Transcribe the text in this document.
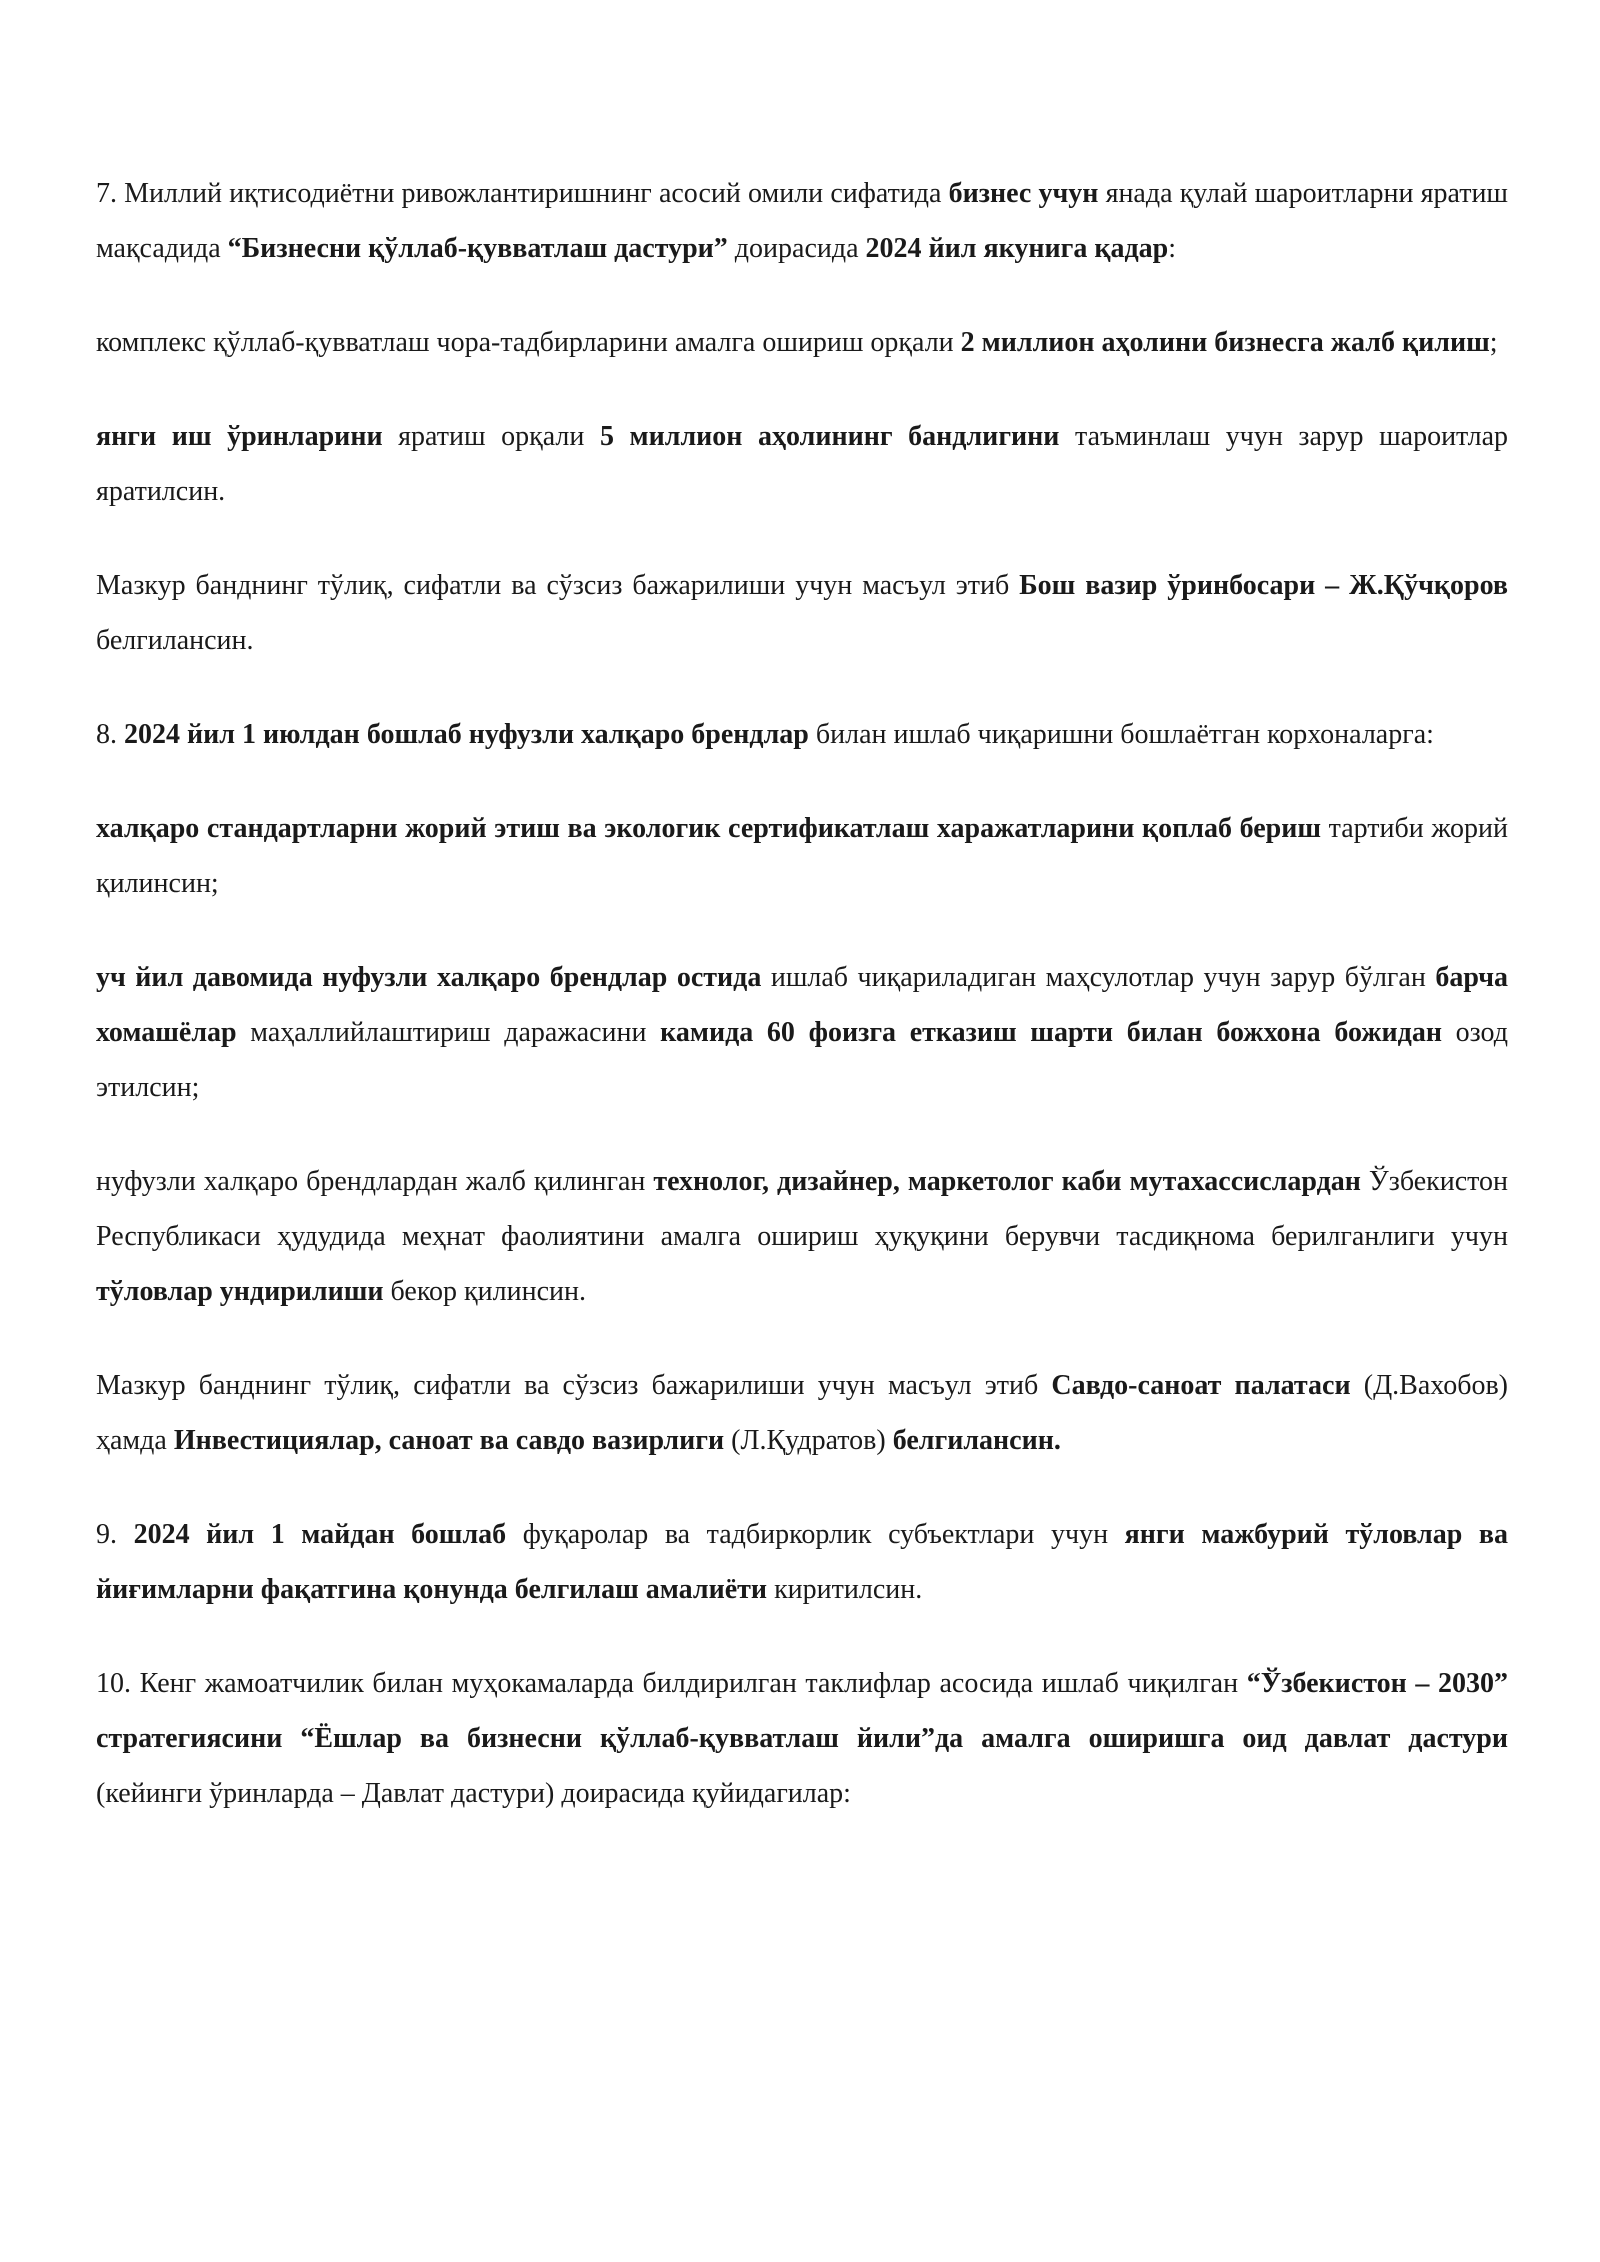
7. Миллий иқтисодиётни ривожлантиришнинг асосий омили сифатида бизнес учун янада қулай шароитларни яратиш мақсадида “Бизнесни қўллаб-қувватлаш дастури” доирасида 2024 йил якунига қадар:

комплекс қўллаб-қувватлаш чора-тадбирларини амалга ошириш орқали 2 миллион аҳолини бизнесга жалб қилиш;

янги иш ўринларини яратиш орқали 5 миллион аҳолининг бандлигини таъминлаш учун зарур шароитлар яратилсин.

Мазкур банднинг тўлиқ, сифатли ва сўзсиз бажарилиши учун масъул этиб Бош вазир ўринбосари – Ж.Қўчқоров белгилансин.

8. 2024 йил 1 июлдан бошлаб нуфузли халқаро брендлар билан ишлаб чиқаришни бошлаётган корхоналарга:

халқаро стандартларни жорий этиш ва экологик сертификатлаш харажатларини қоплаб бериш тартиби жорий қилинсин;

уч йил давомида нуфузли халқаро брендлар остида ишлаб чиқариладиган маҳсулотлар учун зарур бўлган барча хомашёлар маҳаллийлаштириш даражасини камида 60 фоизга етказиш шарти билан божхона божидан озод этилсин;

нуфузли халқаро брендлардан жалб қилинган технолог, дизайнер, маркетолог каби мутахассислардан Ўзбекистон Республикаси ҳудудида меҳнат фаолиятини амалга ошириш ҳуқуқини берувчи тасдиқнома берилганлиги учун тўловлар ундирилиши бекор қилинсин.

Мазкур банднинг тўлиқ, сифатли ва сўзсиз бажарилиши учун масъул этиб Савдо-саноат палатаси (Д.Вахобов) ҳамда Инвестициялар, саноат ва савдо вазирлиги (Л.Қудратов) белгилансин.

9. 2024 йил 1 майдан бошлаб фуқаролар ва тадбиркорлик субъектлари учун янги мажбурий тўловлар ва йиғимларни фақатгина қонунда белгилаш амалиёти киритилсин.

10. Кенг жамоатчилик билан муҳокамаларда билдирилган таклифлар асосида ишлаб чиқилган “Ўзбекистон – 2030” стратегиясини “Ёшлар ва бизнесни қўллаб-қувватлаш йили”да амалга оширишга оид давлат дастури (кейинги ўринларда – Давлат дастури) доирасида қуйидагилар:
